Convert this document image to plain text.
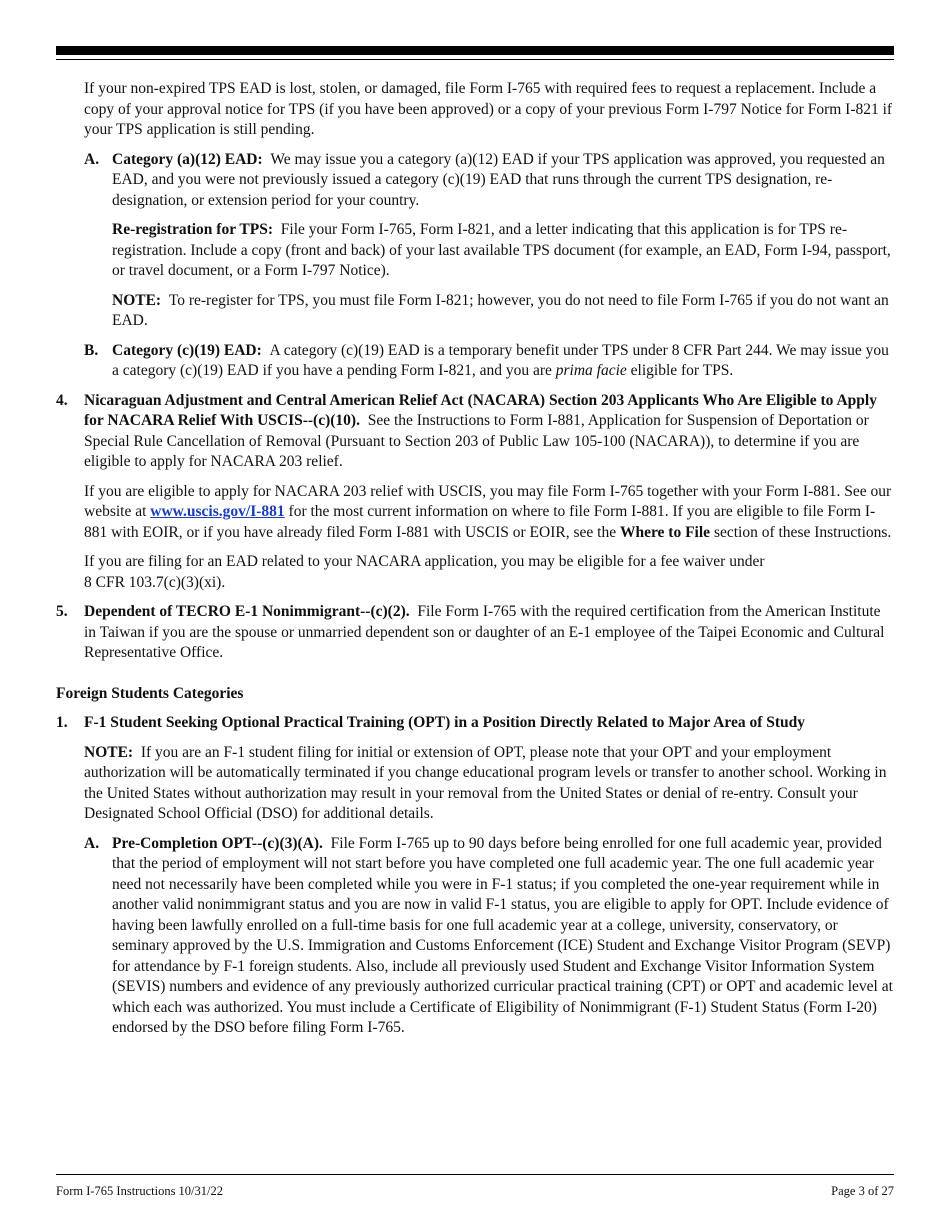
If your non-expired TPS EAD is lost, stolen, or damaged, file Form I-765 with required fees to request a replacement. Include a copy of your approval notice for TPS (if you have been approved) or a copy of your previous Form I-797 Notice for Form I-821 if your TPS application is still pending.

A. Category (a)(12) EAD: We may issue you a category (a)(12) EAD if your TPS application was approved, you requested an EAD, and you were not previously issued a category (c)(19) EAD that runs through the current TPS designation, re-designation, or extension period for your country.

Re-registration for TPS: File your Form I-765, Form I-821, and a letter indicating that this application is for TPS re-registration. Include a copy (front and back) of your last available TPS document (for example, an EAD, Form I-94, passport, or travel document, or a Form I-797 Notice).

NOTE: To re-register for TPS, you must file Form I-821; however, you do not need to file Form I-765 if you do not want an EAD.

B. Category (c)(19) EAD: A category (c)(19) EAD is a temporary benefit under TPS under 8 CFR Part 244. We may issue you a category (c)(19) EAD if you have a pending Form I-821, and you are prima facie eligible for TPS.

4. Nicaraguan Adjustment and Central American Relief Act (NACARA) Section 203 Applicants Who Are Eligible to Apply for NACARA Relief With USCIS--(c)(10). See the Instructions to Form I-881, Application for Suspension of Deportation or Special Rule Cancellation of Removal (Pursuant to Section 203 of Public Law 105-100 (NACARA)), to determine if you are eligible to apply for NACARA 203 relief.

If you are eligible to apply for NACARA 203 relief with USCIS, you may file Form I-765 together with your Form I-881. See our website at www.uscis.gov/I-881 for the most current information on where to file Form I-881. If you are eligible to file Form I-881 with EOIR, or if you have already filed Form I-881 with USCIS or EOIR, see the Where to File section of these Instructions.

If you are filing for an EAD related to your NACARA application, you may be eligible for a fee waiver under
8 CFR 103.7(c)(3)(xi).

5. Dependent of TECRO E-1 Nonimmigrant--(c)(2). File Form I-765 with the required certification from the American Institute in Taiwan if you are the spouse or unmarried dependent son or daughter of an E-1 employee of the Taipei Economic and Cultural Representative Office.

Foreign Students Categories

1. F-1 Student Seeking Optional Practical Training (OPT) in a Position Directly Related to Major Area of Study

NOTE: If you are an F-1 student filing for initial or extension of OPT, please note that your OPT and your employment authorization will be automatically terminated if you change educational program levels or transfer to another school. Working in the United States without authorization may result in your removal from the United States or denial of re-entry. Consult your Designated School Official (DSO) for additional details.

A. Pre-Completion OPT--(c)(3)(A). File Form I-765 up to 90 days before being enrolled for one full academic year, provided that the period of employment will not start before you have completed one full academic year. The one full academic year need not necessarily have been completed while you were in F-1 status; if you completed the one-year requirement while in another valid nonimmigrant status and you are now in valid F-1 status, you are eligible to apply for OPT. Include evidence of having been lawfully enrolled on a full-time basis for one full academic year at a college, university, conservatory, or seminary approved by the U.S. Immigration and Customs Enforcement (ICE) Student and Exchange Visitor Program (SEVP) for attendance by F-1 foreign students. Also, include all previously used Student and Exchange Visitor Information System (SEVIS) numbers and evidence of any previously authorized curricular practical training (CPT) or OPT and academic level at which each was authorized. You must include a Certificate of Eligibility of Nonimmigrant (F-1) Student Status (Form I-20) endorsed by the DSO before filing Form I-765.

Form I-765 Instructions 10/31/22	Page 3 of 27
